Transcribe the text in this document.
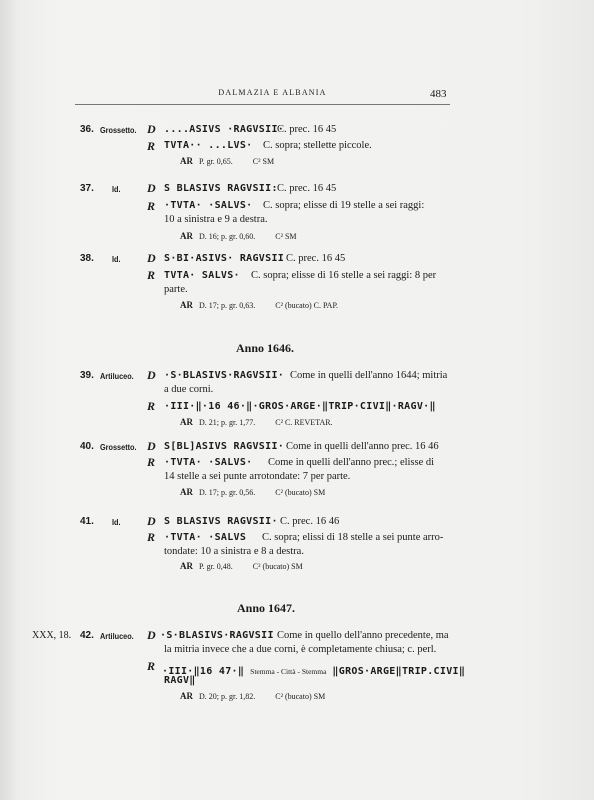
DALMAZIA E ALBANIA	483
36. Grossetto. D ....ASIVS ·RAGVSII·
C. prec. 16 45
R TVTA·· ...LVS· C. sopra; stellette piccole.
AR P. gr. 0,65.	C² SM
37. Id. D S BLASIVS RAGVSII: C. prec. 16 45
R ·TVTA· ·SALVS· C. sopra; elisse di 19 stelle a sei raggi:
10 a sinistra e 9 a destra.
AR D. 16; p. gr. 0,60.	C² SM
38. Id. D S·BI·ASIVS· RAGVSII C. prec. 16 45
R TVTA· SALVS· C. sopra; elisse di 16 stelle a sei raggi: 8 per
parte.
AR D. 17; p. gr. 0,63.	C² (bucato) C. PAP.
Anno 1646.
39. Artiluceo. D ·S·BLASIVS·RAGVSII· Come in quelli dell'anno 1644; mitria
a due corni.
R ·III·‖·16 46·‖·GROS·ARGE·‖TRIP·CIVI‖·RAGV·‖
AR D. 21; p. gr. 1,77.	C² C. REVETAR.
40. Grossetto. D S[BL]ASIVS RAGVSII· Come in quelli dell'anno prec. 16 46
R ·TVTA· ·SALVS· Come in quelli dell'anno prec.; elisse di
14 stelle a sei punte arrotondate: 7 per parte.
AR D. 17; p. gr. 0,56.	C² (bucato) SM
41. Id. D S BLASIVS RAGVSII· C. prec. 16 46
R ·TVTA· ·SALVS C. sopra; elissi di 18 stelle a sei punte arro-
tondate: 10 a sinistra e 8 a destra.
AR P. gr. 0,48.	C² (bucato) SM
Anno 1647.
XXX, 18. 42. Artiluceo. D ·S·BLASIVS·RAGVSII Come in quello dell'anno precedente, ma
la mitria invece che a due corni, è completamente chiusa; c. perl.
R ·III·‖16 47·‖ Stemma - Città - Stemma ‖GROS·ARGE‖TRIP.CIVI‖
RAGV‖
AR D. 20; p. gr. 1,82.	C² (bucato) SM
